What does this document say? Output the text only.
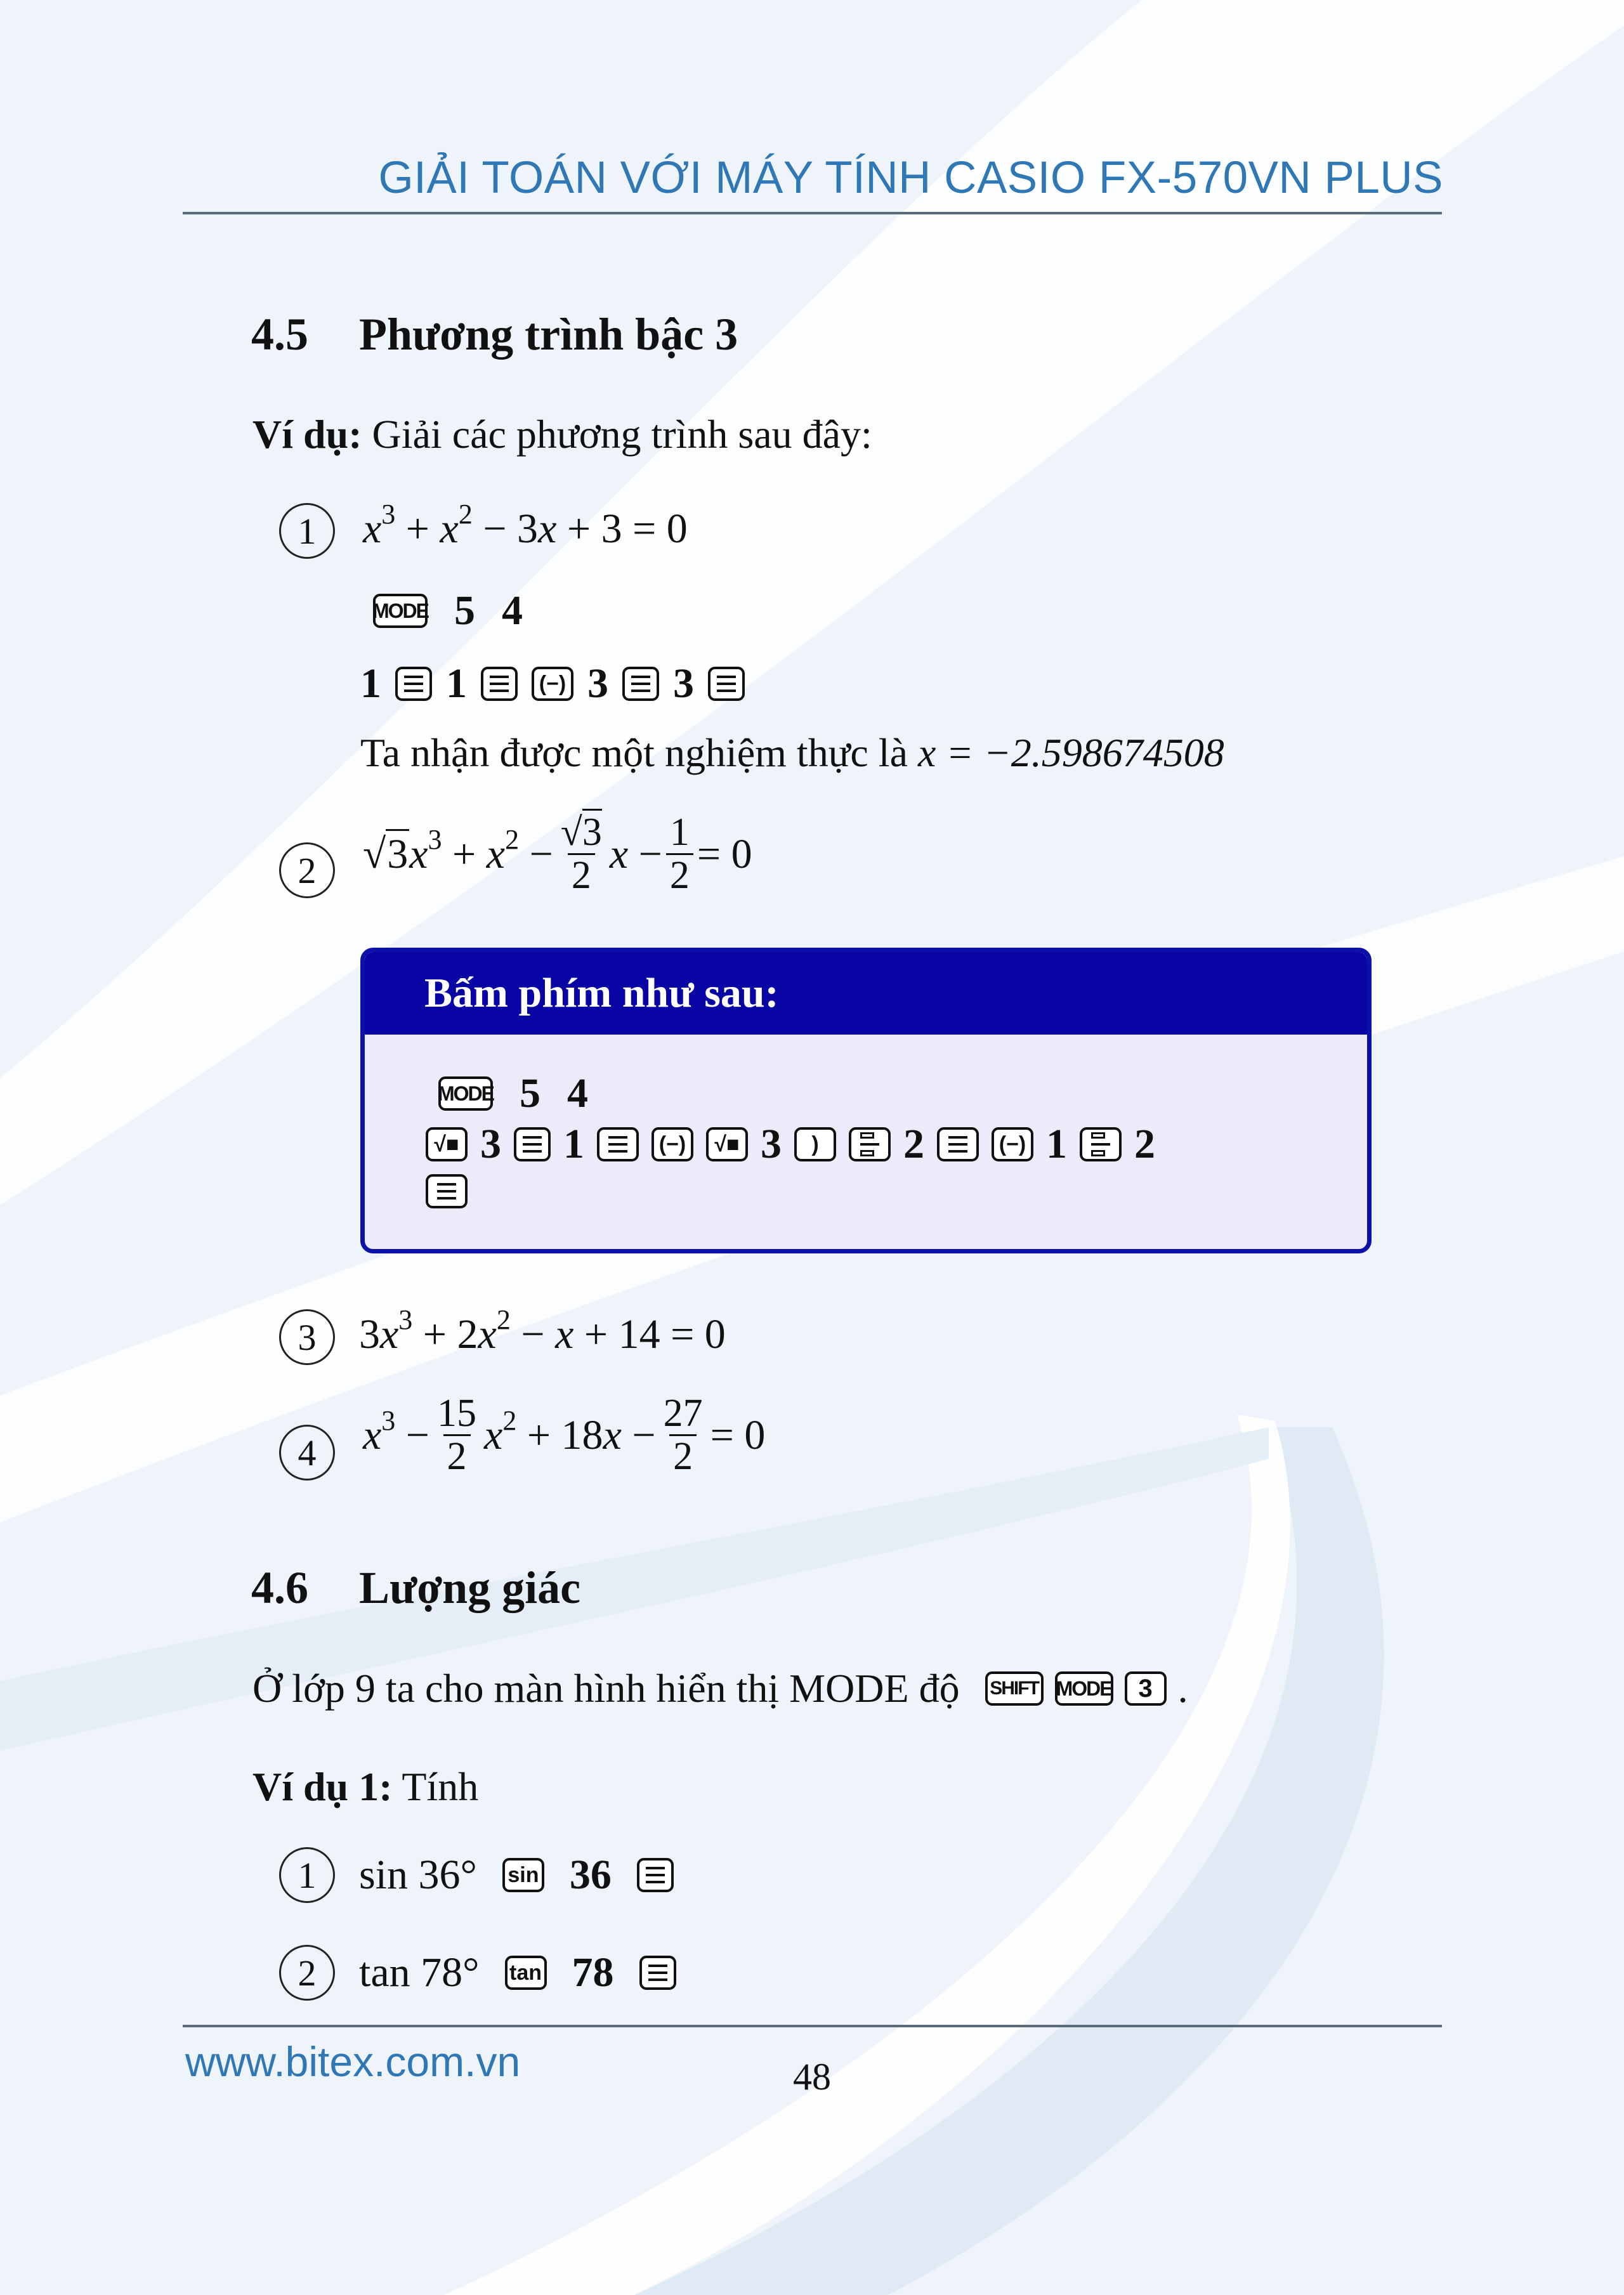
GIẢI TOÁN VỚI MÁY TÍNH CASIO FX-570VN PLUS
4.5 Phương trình bậc 3
Ví dụ: Giải các phương trình sau đây:
1	$x^3 + x^2 - 3x + 3 = 0$
MODE 5 4
1 1	(−) 3 3
Ta nhận được một nghiệm thực là x = −2.598674508
2	$√3x^3 + x^2 - \frac{√3}{2}$ $x - \frac{1}{2} = 0$
Bấm phím như sau:
MODE 5 4
√■ 3 1	(−)	√■ 3	)	2	(−) 1 2
3	$3x^3 + 2x^2 - x + 14 = 0$
4	$x^3 - \frac{15}{2} x^2 + 18x - \frac{27}{2} = 0$
4.6 Lượng giác
Ở lớp 9 ta cho màn hình hiển thị MODE độ SHIFT MODE	3 .
Ví dụ 1: Tính
1	sin 36° sin 36
2	tan 78° tan 78
www.bitex.com.vn	48
